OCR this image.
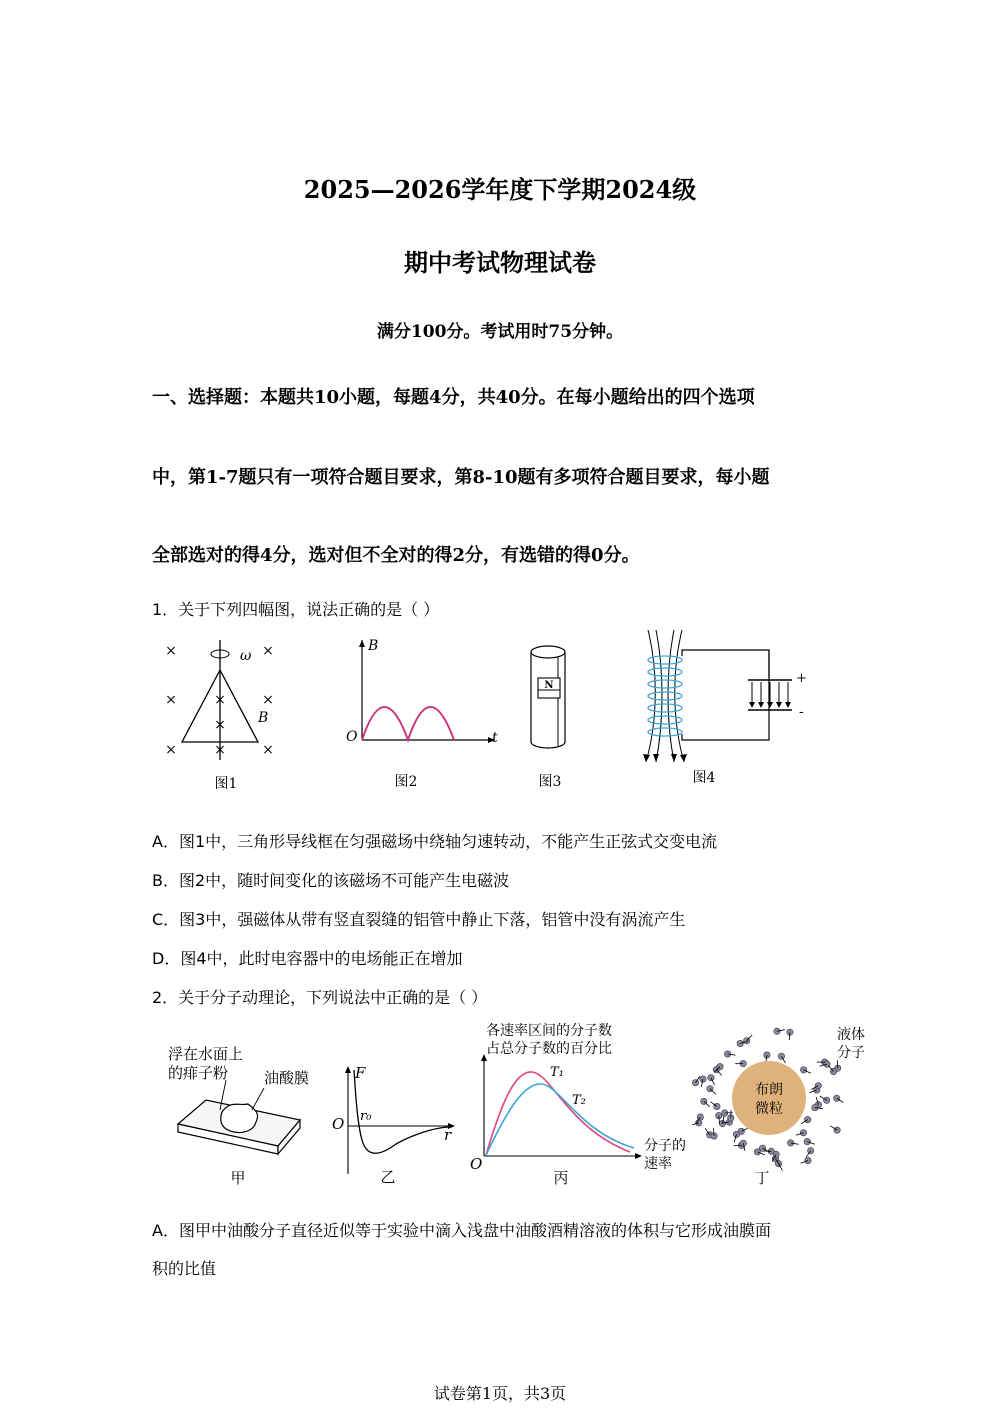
2025—2026学年度下学期2024级
期中考试物理试卷
满分100分。考试用时75分钟。
一、选择题：本题共10小题，每题4分，共40分。在每小题给出的四个选项
中，第1-7题只有一项符合题目要求，第8-10题有多项符合题目要求，每小题
全部选对的得4分，选对但不全对的得2分，有选错的得0分。
1．关于下列四幅图，说法正确的是（ ）
×	×
×	×	×
×	×	×
×
ω
B
图1
B
O	t
图2
N
图3
+
-
图4
A．图1中，三角形导线框在匀强磁场中绕轴匀速转动，不能产生正弦式交变电流
B．图2中，随时间变化的该磁场不可能产生电磁波
C．图3中，强磁体从带有竖直裂缝的铝管中静止下落，铝管中没有涡流产生
D．图4中，此时电容器中的电场能正在增加
2．关于分子动理论，下列说法中正确的是（ ）
浮在水面上
的痱子粉 油酸膜
甲
F
O r₀
r
乙
各速率区间的分子数
占总分子数的百分比
T₁
T₂
分子的
速率
O
丙
布朗
微粒
液体
分子
丁
A．图甲中油酸分子直径近似等于实验中滴入浅盘中油酸酒精溶液的体积与它形成油膜面
积的比值
试卷第1页，共3页
